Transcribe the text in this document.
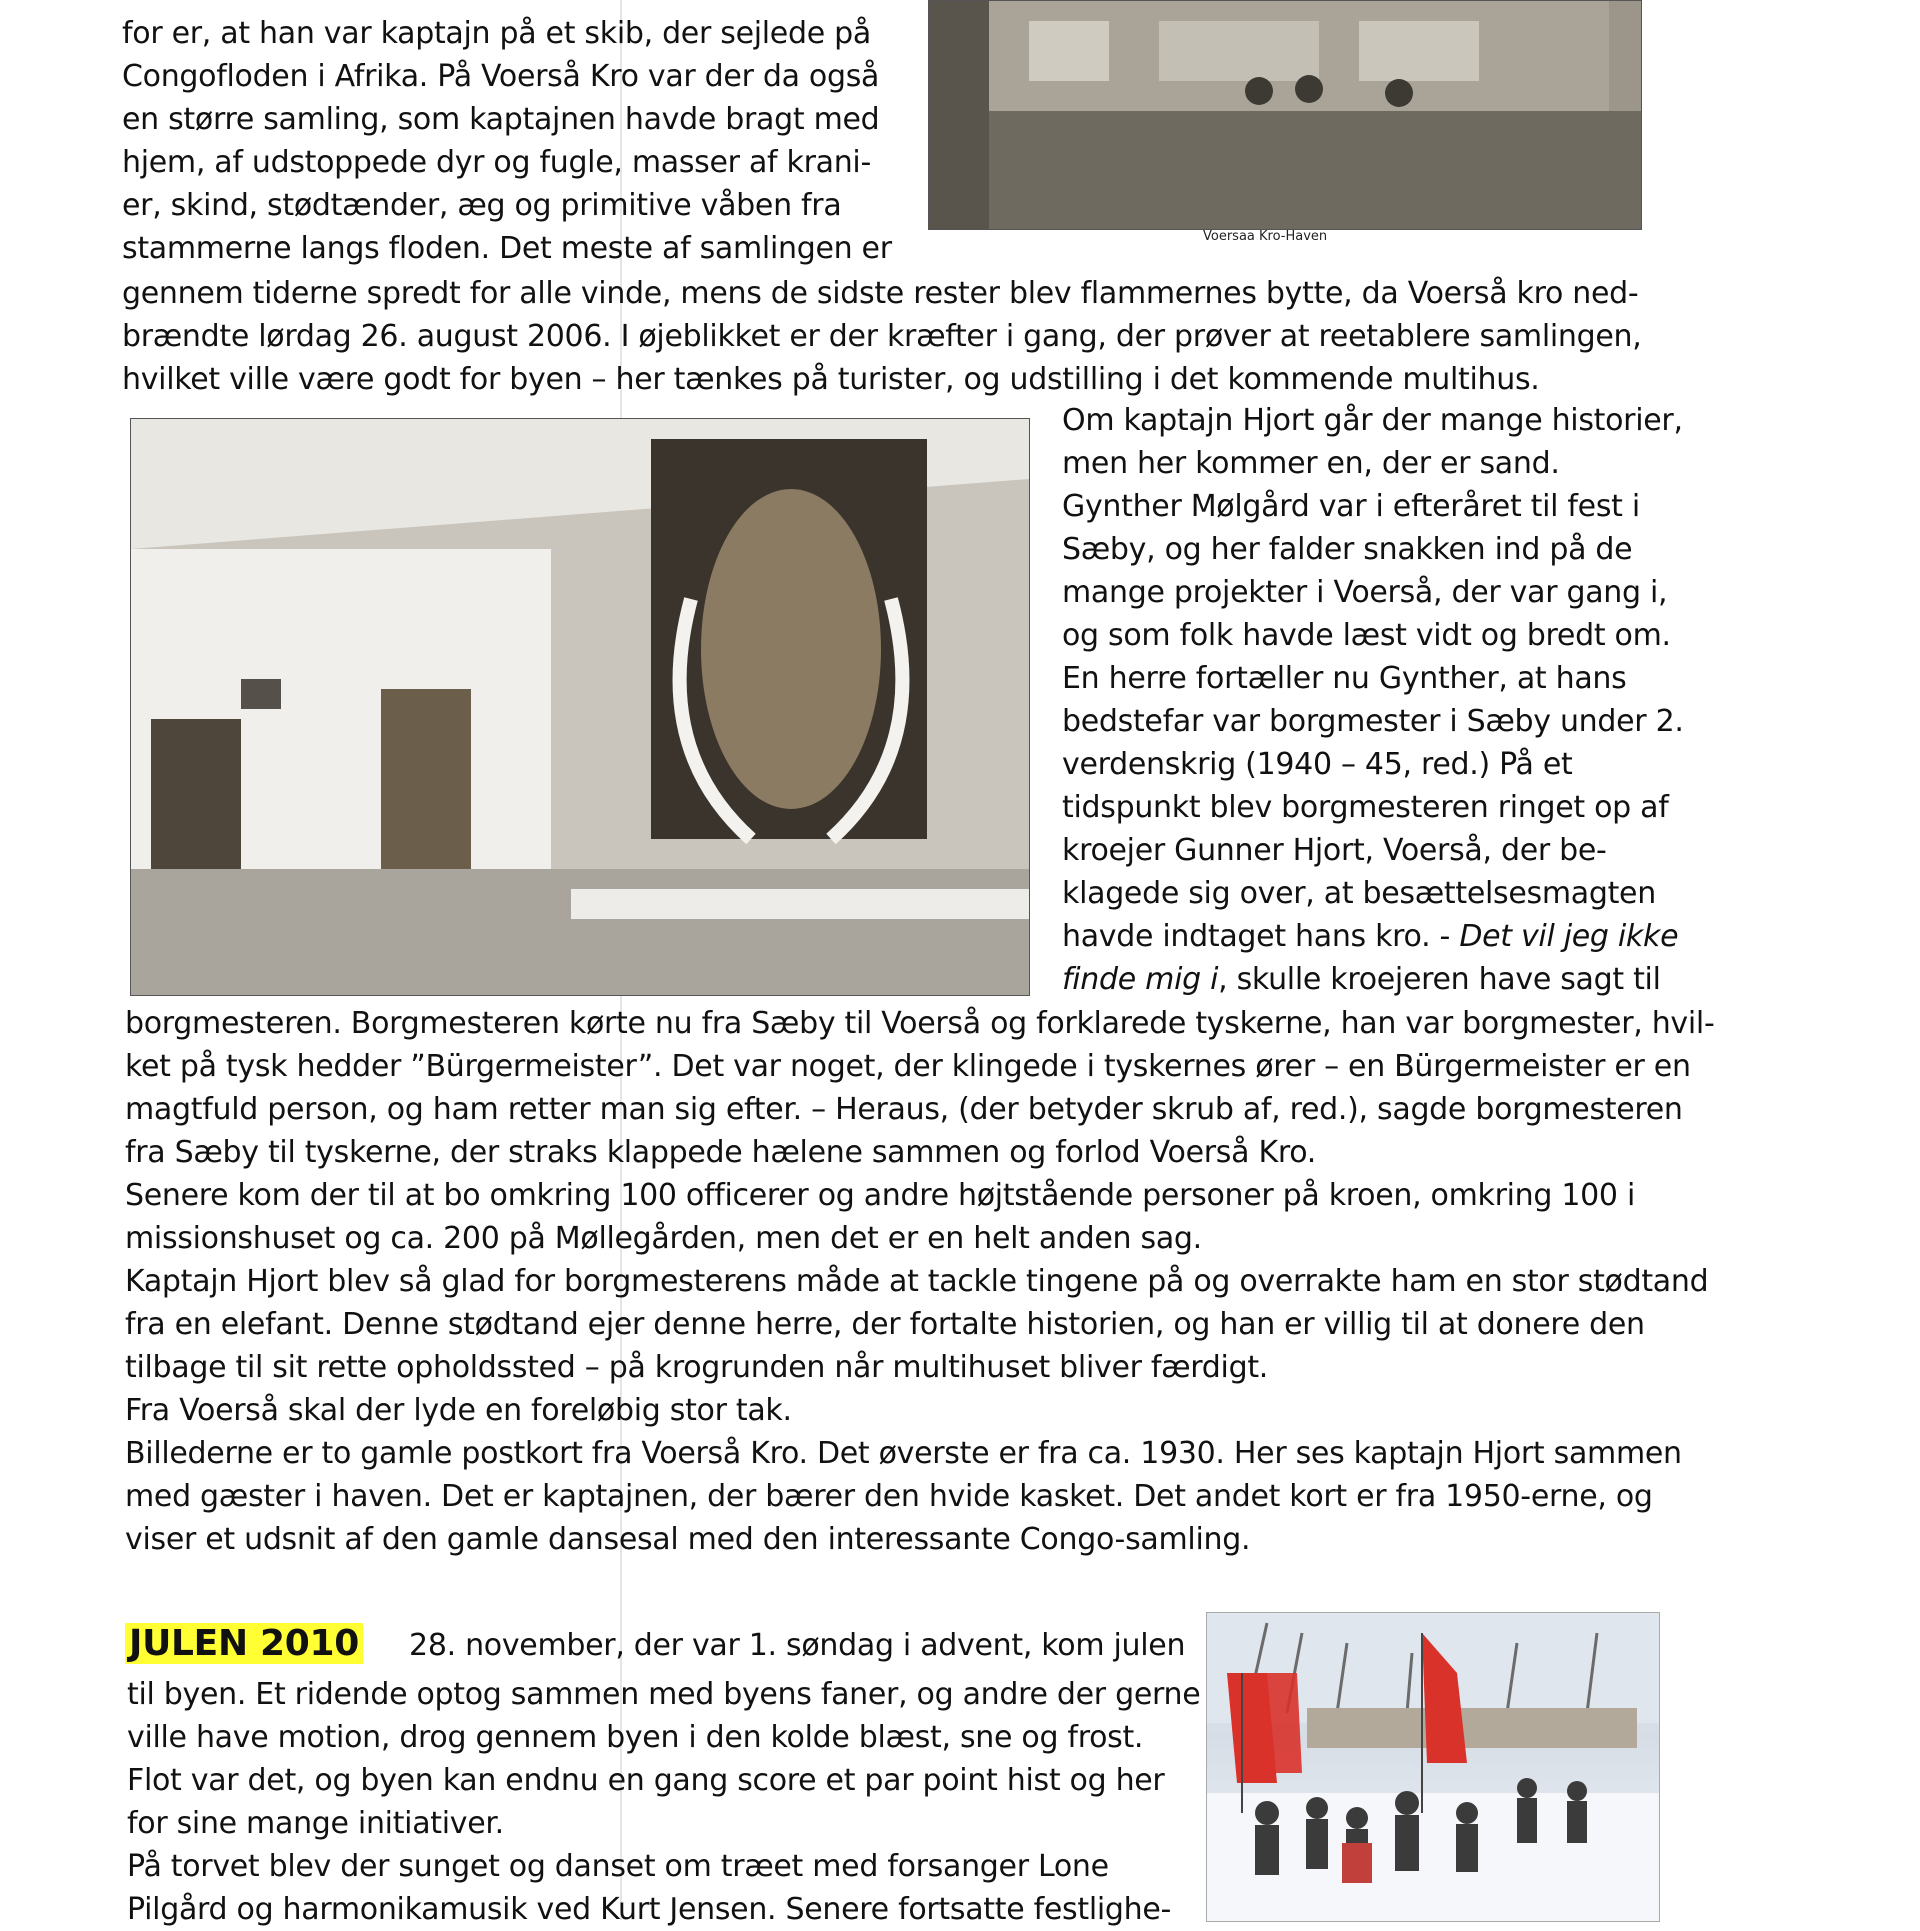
for er, at han var kaptajn på et skib, der sejlede på
Congofloden i Afrika. På Voerså Kro var der da også
en større samling, som kaptajnen havde bragt med
hjem, af udstoppede dyr og fugle, masser af krani-
er, skind, stødtænder, æg og primitive våben fra
stammerne langs floden. Det meste af samlingen er	Voersaa Kro-Haven
gennem tiderne spredt for alle vinde, mens de sidste rester blev flammernes bytte, da Voerså kro ned-
brændte lørdag 26. august 2006. I øjeblikket er der kræfter i gang, der prøver at reetablere samlingen,
hvilket ville være godt for byen – her tænkes på turister, og udstilling i det kommende multihus.
Om kaptajn Hjort går der mange historier,
men her kommer en, der er sand.
Gynther Mølgård var i efteråret til fest i
Sæby, og her falder snakken ind på de
mange projekter i Voerså, der var gang i,
og som folk havde læst vidt og bredt om.
En herre fortæller nu Gynther, at hans
bedstefar var borgmester i Sæby under 2.
verdenskrig (1940 – 45, red.) På et
tidspunkt blev borgmesteren ringet op af
kroejer Gunner Hjort, Voerså, der be-
klagede sig over, at besættelsesmagten
havde indtaget hans kro. - Det vil jeg ikke
finde mig i, skulle kroejeren have sagt til
borgmesteren. Borgmesteren kørte nu fra Sæby til Voerså og forklarede tyskerne, han var borgmester, hvil-
ket på tysk hedder ”Bürgermeister”. Det var noget, der klingede i tyskernes ører – en Bürgermeister er en
magtfuld person, og ham retter man sig efter. – Heraus, (der betyder skrub af, red.), sagde borgmesteren
fra Sæby til tyskerne, der straks klappede hælene sammen og forlod Voerså Kro.
Senere kom der til at bo omkring 100 officerer og andre højtstående personer på kroen, omkring 100 i
missionshuset og ca. 200 på Møllegården, men det er en helt anden sag.
Kaptajn Hjort blev så glad for borgmesterens måde at tackle tingene på og overrakte ham en stor stødtand
fra en elefant. Denne stødtand ejer denne herre, der fortalte historien, og han er villig til at donere den
tilbage til sit rette opholdssted – på krogrunden når multihuset bliver færdigt.
Fra Voerså skal der lyde en foreløbig stor tak.
Billederne er to gamle postkort fra Voerså Kro. Det øverste er fra ca. 1930. Her ses kaptajn Hjort sammen
med gæster i haven. Det er kaptajnen, der bærer den hvide kasket. Det andet kort er fra 1950-erne, og
viser et udsnit af den gamle dansesal med den interessante Congo-samling.
JULEN 2010 28. november, der var 1. søndag i advent, kom julen
til byen. Et ridende optog sammen med byens faner, og andre der gerne
ville have motion, drog gennem byen i den kolde blæst, sne og frost.
Flot var det, og byen kan endnu en gang score et par point hist og her
for sine mange initiativer.
På torvet blev der sunget og danset om træet med forsanger Lone
Pilgård og harmonikamusik ved Kurt Jensen. Senere fortsatte festlighe-
